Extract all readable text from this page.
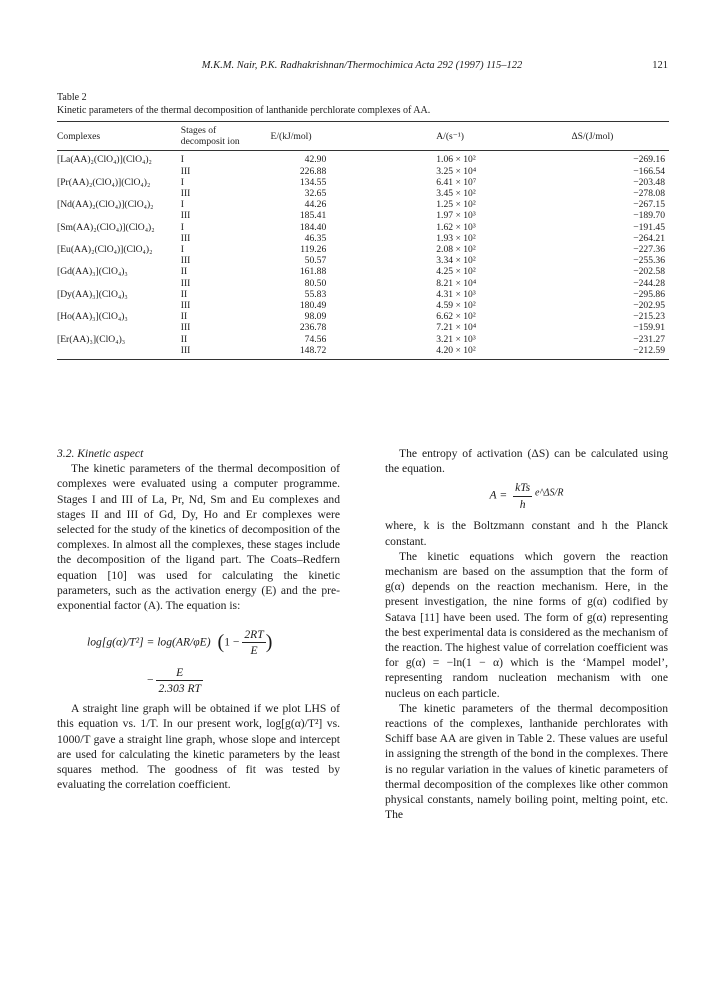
M.K.M. Nair, P.K. Radhakrishnan/Thermochimica Acta 292 (1997) 115–122	121
Table 2
Kinetic parameters of the thermal decomposition of lanthanide perchlorate complexes of AA.
Complexes	Stages of decomposit ion	E/(kJ/mol)	A/(s⁻¹)	ΔS/(J/mol)
[La(AA)₂(ClO₄)](ClO₄)₂	I	42.90	1.06 × 10²	−269.16
	III	226.88	3.25 × 10⁴	−166.54
[Pr(AA)₂(ClO₄)](ClO₄)₂	I	134.55	6.41 × 10⁷	−203.48
	III	32.65	3.45 × 10²	−278.08
[Nd(AA)₂(ClO₄)](ClO₄)₂	I	44.26	1.25 × 10²	−267.15
	III	185.41	1.97 × 10³	−189.70
[Sm(AA)₂(ClO₄)](ClO₄)₂	I	184.40	1.62 × 10³	−191.45
	III	46.35	1.93 × 10²	−264.21
[Eu(AA)₂(ClO₄)](ClO₄)₂	I	119.26	2.08 × 10²	−227.36
	III	50.57	3.34 × 10²	−255.36
[Gd(AA)₃](ClO₄)₃	II	161.88	4.25 × 10²	−202.58
	III	80.50	8.21 × 10⁴	−244.28
[Dy(AA)₃](ClO₄)₃	II	55.83	4.31 × 10³	−295.86
	III	180.49	4.59 × 10²	−202.95
[Ho(AA)₃](ClO₄)₃	II	98.09	6.62 × 10²	−215.23
	III	236.78	7.21 × 10⁴	−159.91
[Er(AA)₃](ClO₄)₃	II	74.56	3.21 × 10³	−231.27
	III	148.72	4.20 × 10²	−212.59

3.2. Kinetic aspect

The kinetic parameters of the thermal decomposition of complexes were evaluated using a computer programme. Stages I and III of La, Pr, Nd, Sm and Eu complexes and stages II and III of Gd, Dy, Ho and Er complexes were selected for the study of the kinetics of decomposition of the complexes. In almost all the complexes, these stages include the decomposition of the ligand part. The Coats–Redfern equation [10] was used for calculating the kinetic parameters, such as the activation energy (E) and the pre-exponential factor (A). The equation is:

log[g(α)/T²] = log(AR/φE) ($1 - \frac{2RT}{E}$ )
− $\frac{E}{2.303 RT}$

A straight line graph will be obtained if we plot LHS of this equation vs. 1/T. In our present work, log[g(α)/T²] vs. 1000/T gave a straight line graph, whose slope and intercept are used for calculating the kinetic parameters by the least squares method. The goodness of fit was tested by evaluating the correlation coefficient.

The entropy of activation (ΔS) can be calculated using the equation.

$A = \frac{\text{kTs}}{h}$ e^ΔS/R

where, k is the Boltzmann constant and h the Planck constant.

The kinetic equations which govern the reaction mechanism are based on the assumption that the form of g(α) depends on the reaction mechanism. Here, in the present investigation, the nine forms of g(α) codified by Satava [11] have been used. The form of g(α) representing the best experimental data is considered as the mechanism of the reaction. The highest value of correlation coefficient was for g(α) = −ln(1 − α) which is the ‘Mampel model’, representing random nucleation mechanism with one nucleus on each particle.

The kinetic parameters of the thermal decomposition reactions of the complexes, lanthanide perchlorates with Schiff base AA are given in Table 2. These values are useful in assigning the strength of the bond in the complexes. There is no regular variation in the values of kinetic parameters of thermal decomposition of the complexes like other common physical constants, namely boiling point, melting point, etc. The
